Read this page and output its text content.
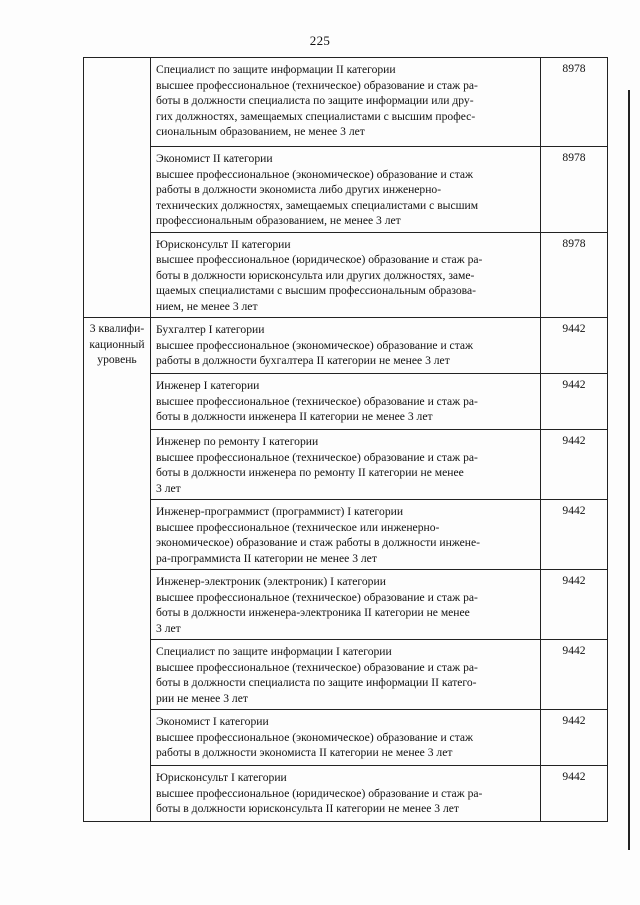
225

	Специалист по защите информации II категории
высшее профессиональное (техническое) образование и стаж ра-
боты в должности специалиста по защите информации или дру-
гих должностях, замещаемых специалистами с высшим профес-
сиональным образованием, не менее 3 лет	8978

	Экономист II категории
высшее профессиональное (экономическое) образование и стаж
работы в должности экономиста либо других инженерно-
технических должностях, замещаемых специалистами с высшим
профессиональным образованием, не менее 3 лет	8978

	Юрисконсульт II категории
высшее профессиональное (юридическое) образование и стаж ра-
боты в должности юрисконсульта или других должностях, заме-
щаемых специалистами с высшим профессиональным образова-
нием, не менее 3 лет	8978

3 квалифи-
кационный
уровень	Бухгалтер I категории
высшее профессиональное (экономическое) образование и стаж
работы в должности бухгалтера II категории не менее 3 лет	9442

	Инженер I категории
высшее профессиональное (техническое) образование и стаж ра-
боты в должности инженера II категории не менее 3 лет	9442

	Инженер по ремонту I категории
высшее профессиональное (техническое) образование и стаж ра-
боты в должности инженера по ремонту II категории не менее
3 лет	9442

	Инженер-программист (программист) I категории
высшее профессиональное (техническое или инженерно-
экономическое) образование и стаж работы в должности инжене-
ра-программиста II категории не менее 3 лет	9442

	Инженер-электроник (электроник) I категории
высшее профессиональное (техническое) образование и стаж ра-
боты в должности инженера-электроника II категории не менее
3 лет	9442

	Специалист по защите информации I категории
высшее профессиональное (техническое) образование и стаж ра-
боты в должности специалиста по защите информации II катего-
рии не менее 3 лет	9442

	Экономист I категории
высшее профессиональное (экономическое) образование и стаж
работы в должности экономиста II категории не менее 3 лет	9442

	Юрисконсульт I категории
высшее профессиональное (юридическое) образование и стаж ра-
боты в должности юрисконсульта II категории не менее 3 лет	9442
